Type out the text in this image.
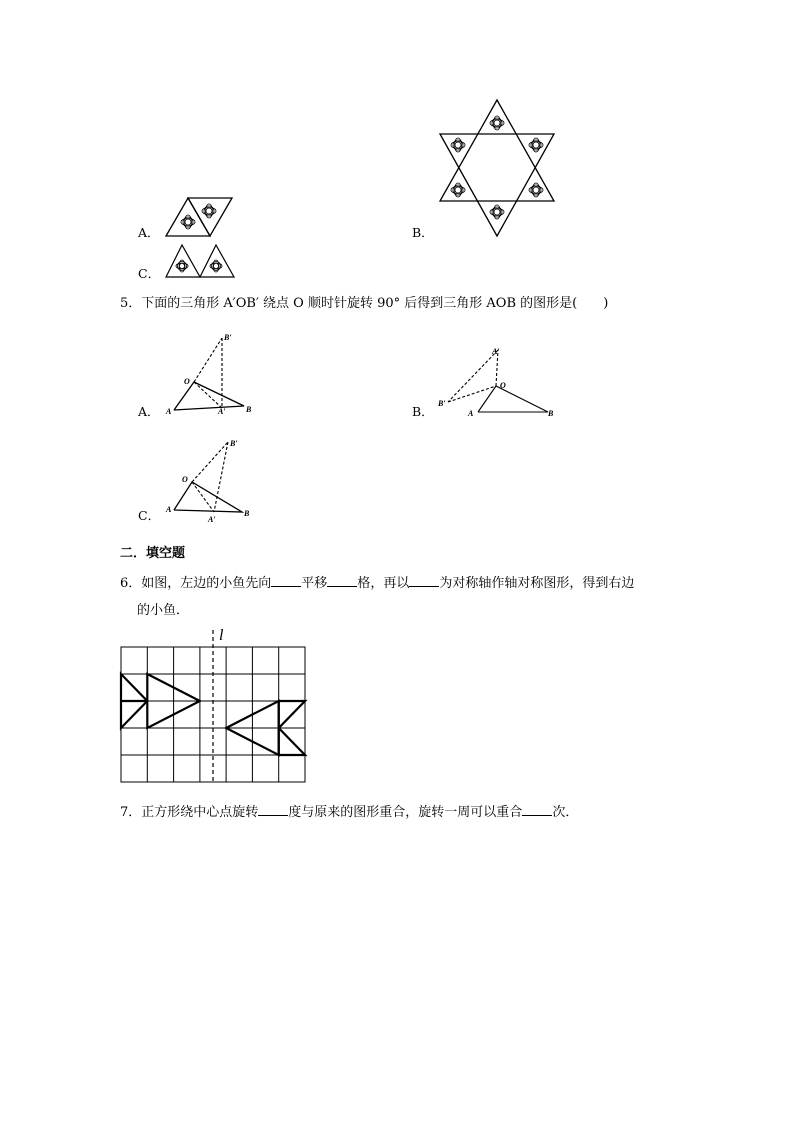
A．	B．
C．
5．下面的三角形 A′OB′ 绕点 O 顺时针旋转 90° 后得到三角形 AOB 的图形是(　　)
A．
B′
O
A	A′	B	B．
A′
O
B′
A	B
C．
B′
O
A
A′
B
二．填空题
6．如图，左边的小鱼先向 平移 格，再以 为对称轴作轴对称图形，得到右边
的小鱼．
l
7．正方形绕中心点旋转 度与原来的图形重合，旋转一周可以重合 次．
